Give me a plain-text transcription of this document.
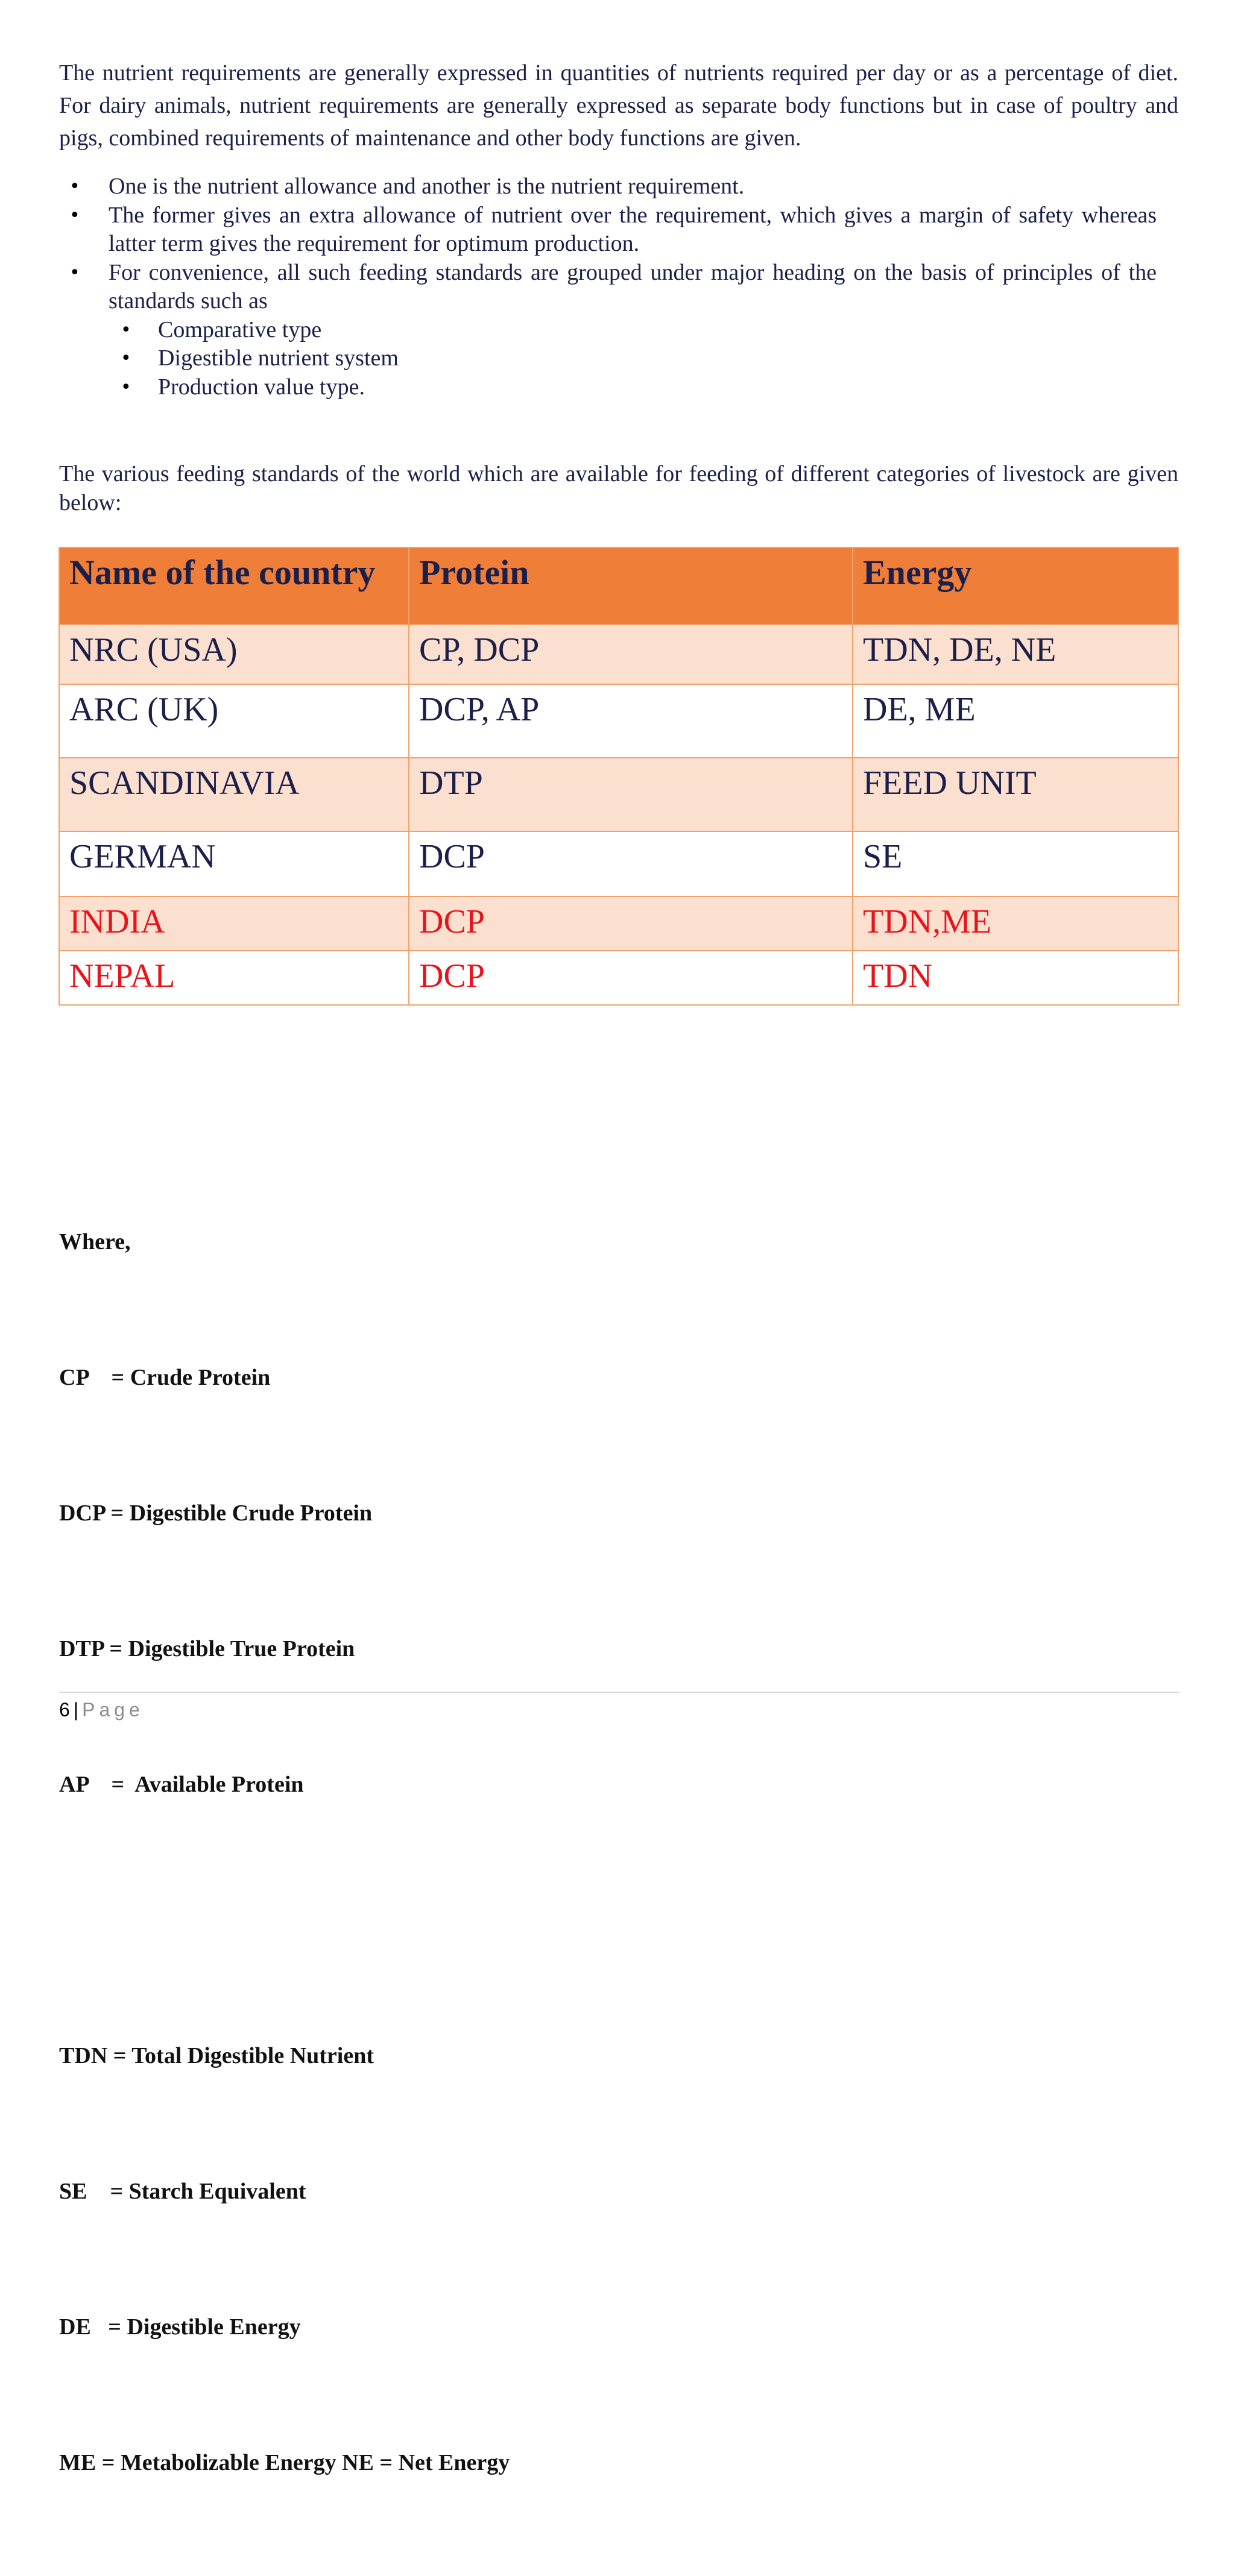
The nutrient requirements are generally expressed in quantities of nutrients required per day or as a percentage of diet. For dairy animals, nutrient requirements are generally expressed as separate body functions but in case of poultry and pigs, combined requirements of maintenance and other body functions are given.

• One is the nutrient allowance and another is the nutrient requirement.
• The former gives an extra allowance of nutrient over the requirement, which gives a margin of safety whereas latter term gives the requirement for optimum production.
• For convenience, all such feeding standards are grouped under major heading on the basis of principles of the standards such as
• Comparative type
• Digestible nutrient system
• Production value type.

The various feeding standards of the world which are available for feeding of different categories of livestock are given below:

Name of the country	Protein	Energy
NRC (USA)	CP, DCP	TDN, DE, NE
ARC (UK)	DCP, AP	DE, ME
SCANDINAVIA	DTP	FEED UNIT
GERMAN	DCP	SE
INDIA	DCP	TDN,ME
NEPAL	DCP	TDN

Where,

CP    = Crude Protein

DCP = Digestible Crude Protein

DTP = Digestible True Protein

AP    =  Available Protein

TDN = Total Digestible Nutrient

SE    = Starch Equivalent

DE   = Digestible Energy

ME = Metabolizable Energy NE = Net Energy

6 | Page
